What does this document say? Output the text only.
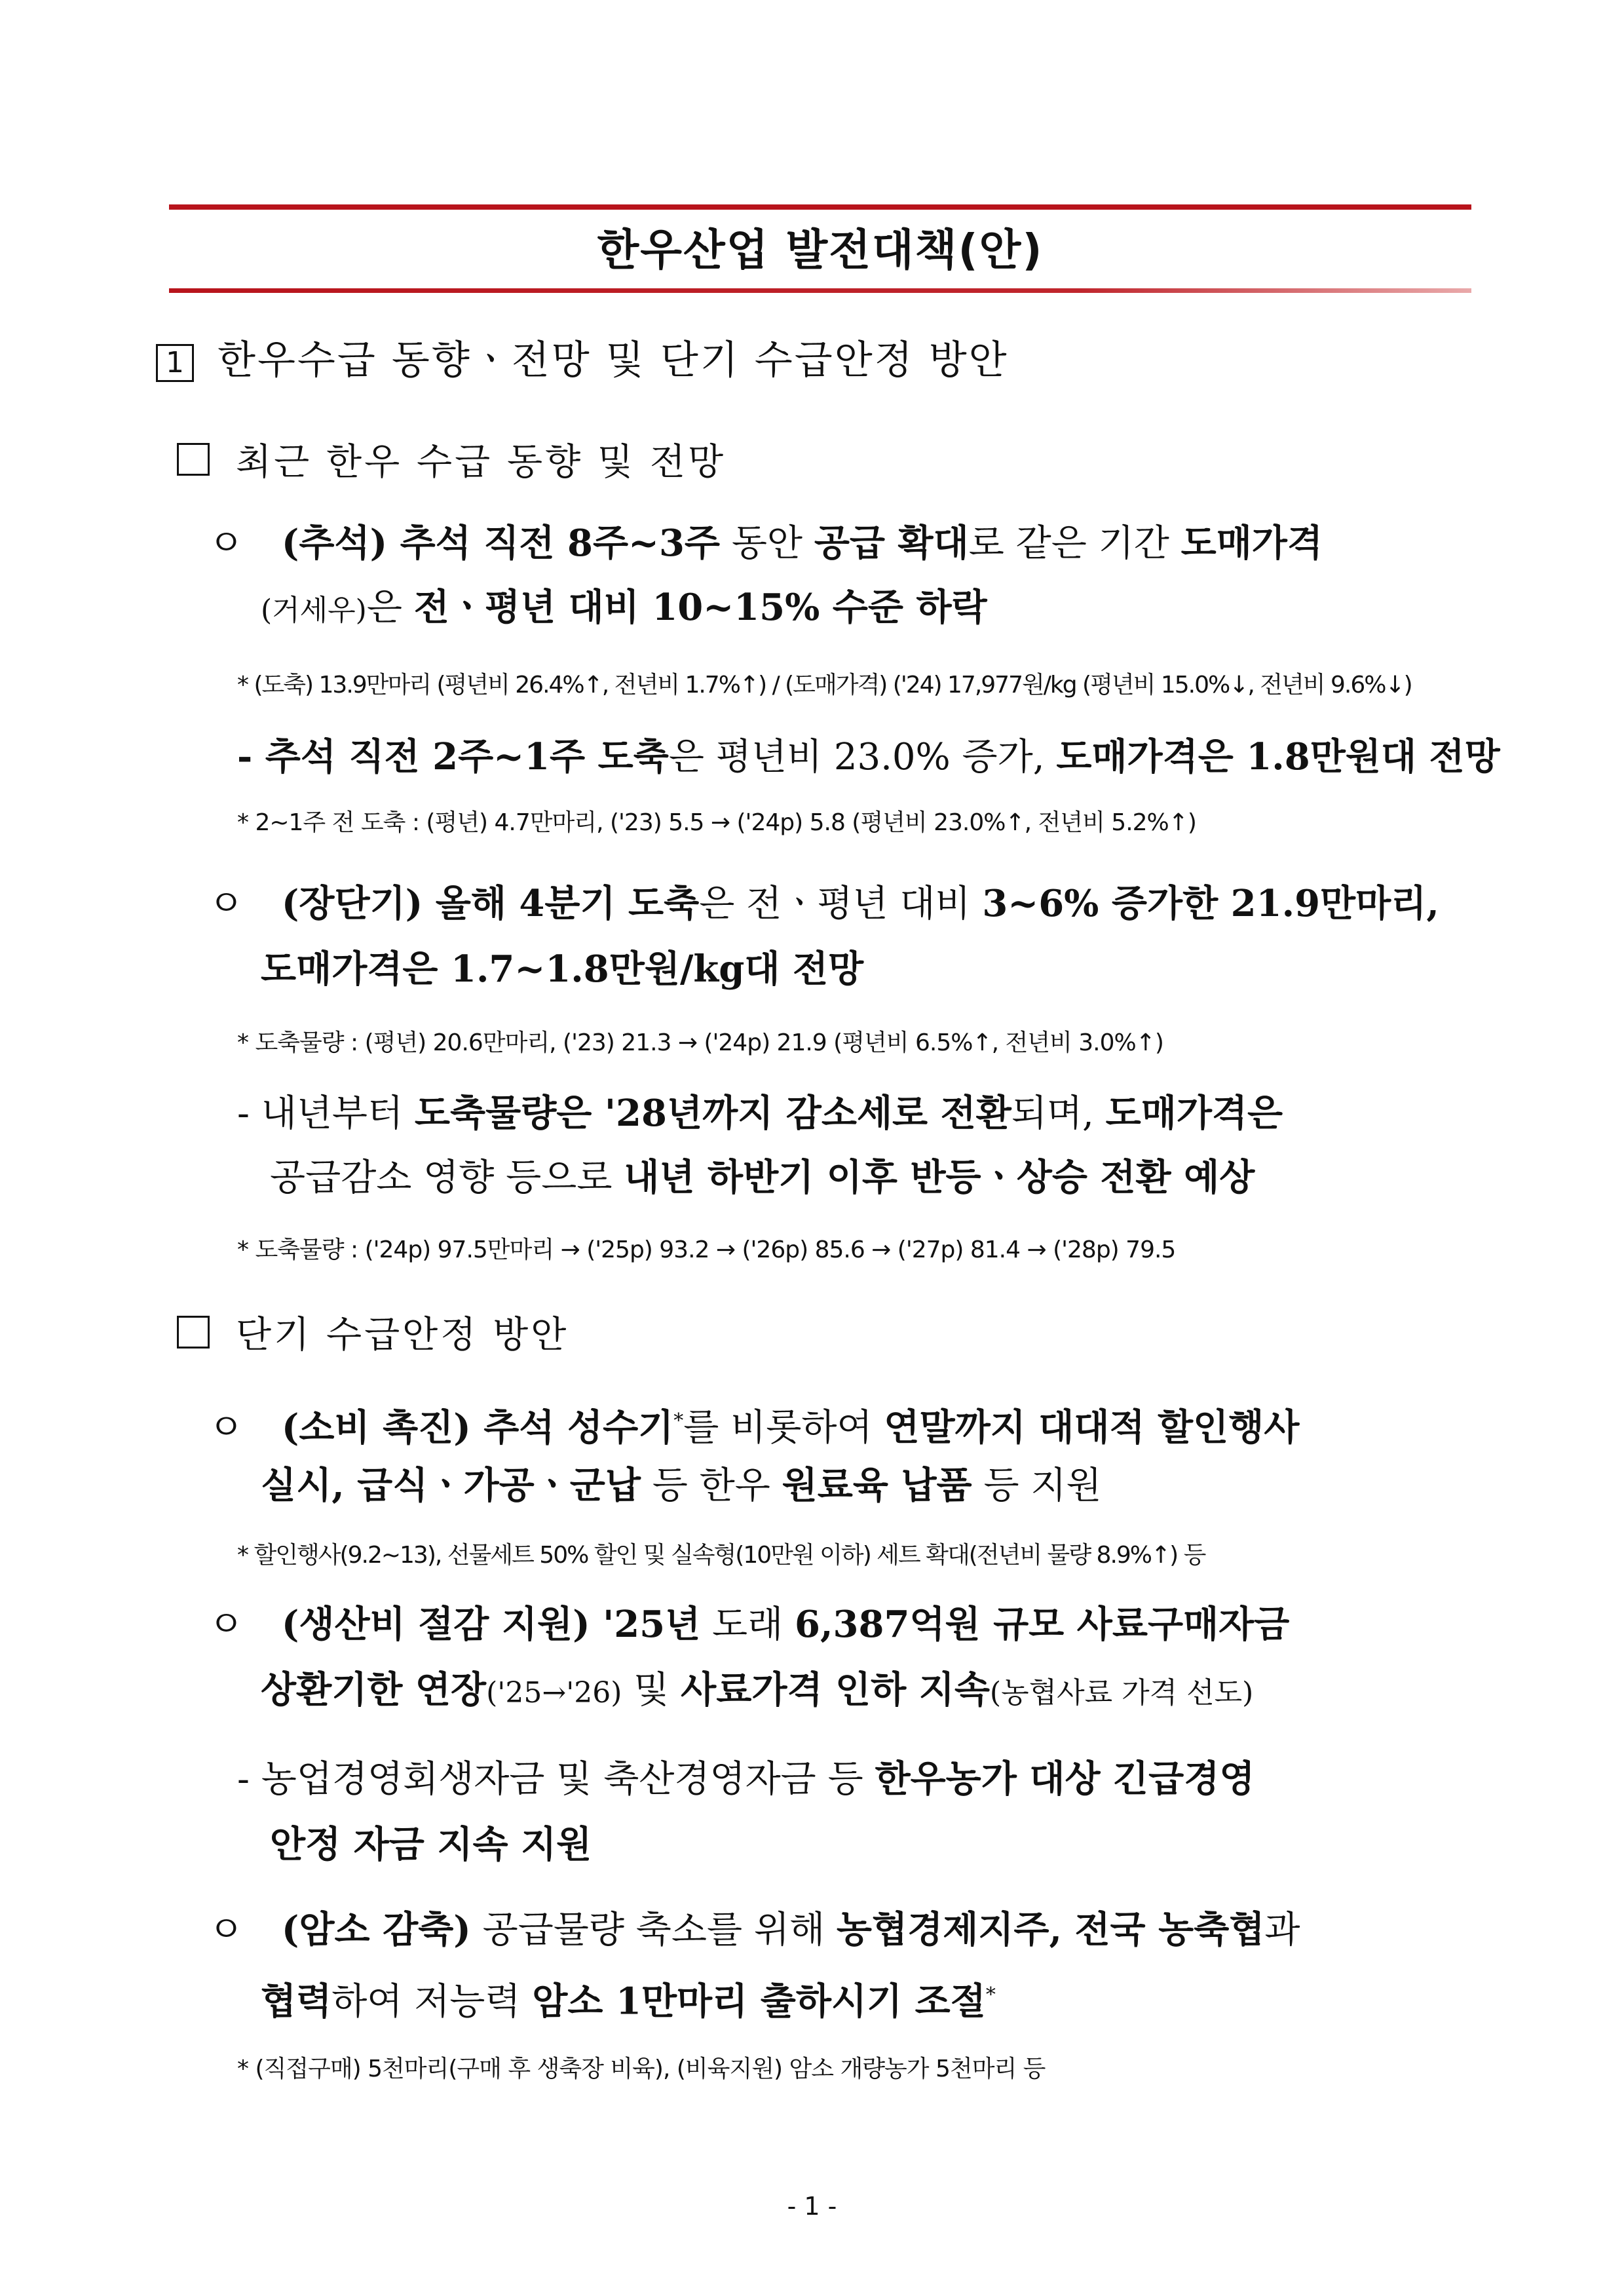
한우산업 발전대책(안)
1 한우수급 동향ㆍ전망 및 단기 수급안정 방안
최근 한우 수급 동향 및 전망
ㅇ (추석) 추석 직전 8주~3주 동안 공급 확대로 같은 기간 도매가격
(거세우)은 전ㆍ평년 대비 10~15% 수준 하락
* (도축) 13.9만마리 (평년비 26.4%↑, 전년비 1.7%↑) / (도매가격) ('24) 17,977원/kg (평년비 15.0%↓, 전년비 9.6%↓)
- 추석 직전 2주~1주 도축은 평년비 23.0% 증가, 도매가격은 1.8만원대 전망
* 2~1주 전 도축 : (평년) 4.7만마리, ('23) 5.5 → ('24p) 5.8 (평년비 23.0%↑, 전년비 5.2%↑)
ㅇ (장단기) 올해 4분기 도축은 전ㆍ평년 대비 3~6% 증가한 21.9만마리,
도매가격은 1.7~1.8만원/kg대 전망
* 도축물량 : (평년) 20.6만마리, ('23) 21.3 → ('24p) 21.9 (평년비 6.5%↑, 전년비 3.0%↑)
- 내년부터 도축물량은 '28년까지 감소세로 전환되며, 도매가격은
공급감소 영향 등으로 내년 하반기 이후 반등ㆍ상승 전환 예상
* 도축물량 : ('24p) 97.5만마리 → ('25p) 93.2 → ('26p) 85.6 → ('27p) 81.4 → ('28p) 79.5
단기 수급안정 방안
ㅇ (소비 촉진) 추석 성수기*를 비롯하여 연말까지 대대적 할인행사
실시, 급식ㆍ가공ㆍ군납 등 한우 원료육 납품 등 지원
* 할인행사(9.2~13), 선물세트 50% 할인 및 실속형(10만원 이하) 세트 확대(전년비 물량 8.9%↑) 등
ㅇ (생산비 절감 지원) '25년 도래 6,387억원 규모 사료구매자금
상환기한 연장('25→'26) 및 사료가격 인하 지속(농협사료 가격 선도)
- 농업경영회생자금 및 축산경영자금 등 한우농가 대상 긴급경영
안정 자금 지속 지원
ㅇ (암소 감축) 공급물량 축소를 위해 농협경제지주, 전국 농축협과
협력하여 저능력 암소 1만마리 출하시기 조절*
* (직접구매) 5천마리(구매 후 생축장 비육), (비육지원) 암소 개량농가 5천마리 등
- 1 -
